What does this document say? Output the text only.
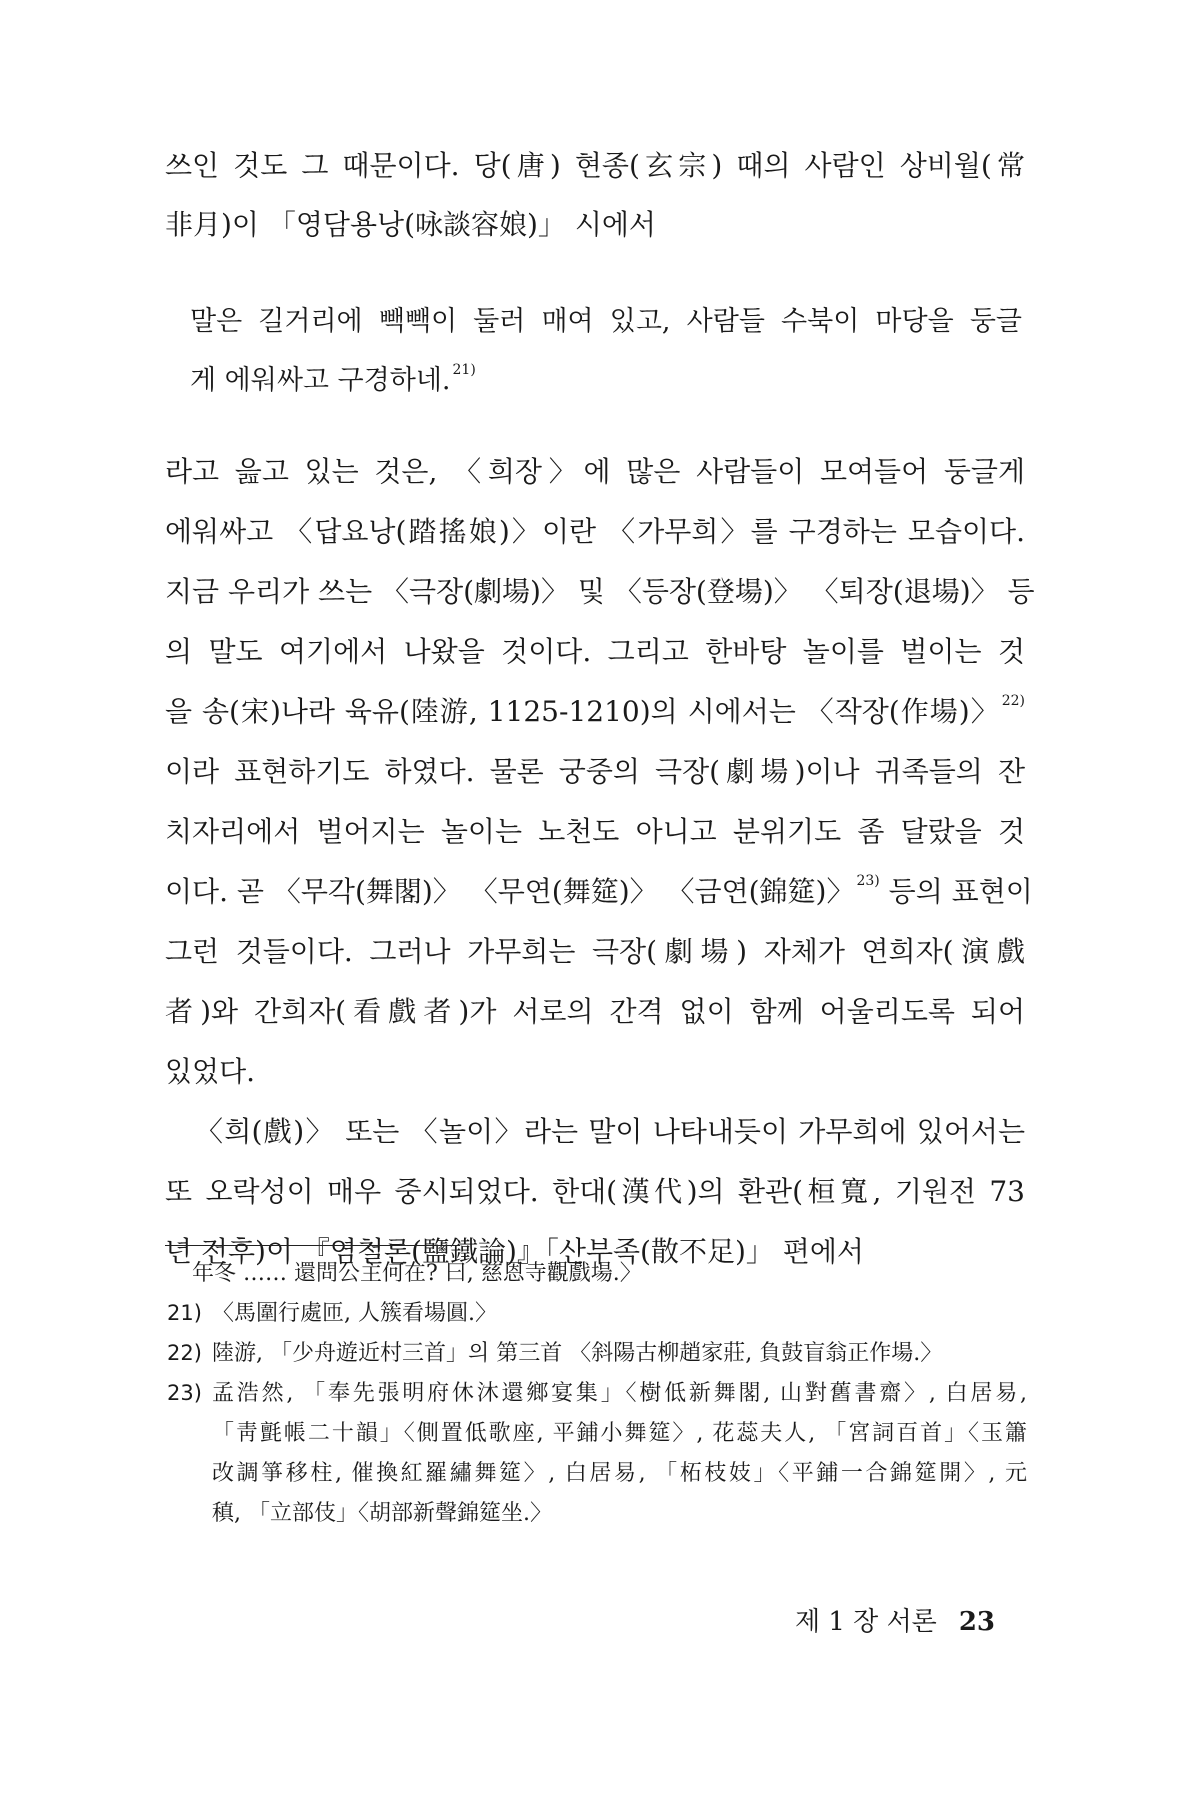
쓰인 것도 그 때문이다. 당(唐) 현종(玄宗) 때의 사람인 상비월(常
非月)이 「영담용낭(咏談容娘)」 시에서
말은 길거리에 빽빽이 둘러 매여 있고, 사람들 수북이 마당을 둥글
게 에워싸고 구경하네. $^{21)}$
라고 읊고 있는 것은, 〈희장〉에 많은 사람들이 모여들어 둥글게
에워싸고 〈답요낭(踏搖娘)〉이란 〈가무희〉를 구경하는 모습이다.
지금 우리가 쓰는 〈극장(劇場)〉 및 〈등장(登場)〉 〈퇴장(退場)〉 등
의 말도 여기에서 나왔을 것이다. 그리고 한바탕 놀이를 벌이는 것
을 송(宋)나라 육유(陸游, 1125-1210)의 시에서는 〈작장(作場)〉 $^{22)}$
이라 표현하기도 하였다. 물론 궁중의 극장(劇場)이나 귀족들의 잔
치자리에서 벌어지는 놀이는 노천도 아니고 분위기도 좀 달랐을 것
이다. 곧 〈무각(舞閣)〉 〈무연(舞筵)〉 〈금연(錦筵)〉 $^{23)}$ 등의 표현이
그런 것들이다. 그러나 가무희는 극장(劇場) 자체가 연희자(演戲
者)와 간희자(看戲者)가 서로의 간격 없이 함께 어울리도록 되어
있었다.
〈희(戲)〉 또는 〈놀이〉라는 말이 나타내듯이 가무희에 있어서는
또 오락성이 매우 중시되었다. 한대(漢代)의 환관(桓寬, 기원전 73
년 전후)이 『염철론(鹽鐵論)』「산부족(散不足)」 편에서
年冬 …… 還問公主何在? 曰, 慈恩寺觀戲場.〉
21) 〈馬圍行處匝, 人簇看場圓.〉
22) 陸游, 「少舟遊近村三首」의 第三首 〈斜陽古柳趙家莊, 負鼓盲翁正作場.〉
23) 孟浩然, 「奉先張明府休沐還鄉宴集」〈樹低新舞閣, 山對舊書齋〉, 白居易,
「靑氈帳二十韻」〈側置低歌座, 平鋪小舞筵〉, 花蕊夫人, 「宮詞百首」〈玉簫
改調箏移柱, 催換紅羅繡舞筵〉, 白居易, 「柘枝妓」〈平鋪一合錦筵開〉, 元
稹, 「立部伎」〈胡部新聲錦筵坐.〉
제 1 장 서론 23
